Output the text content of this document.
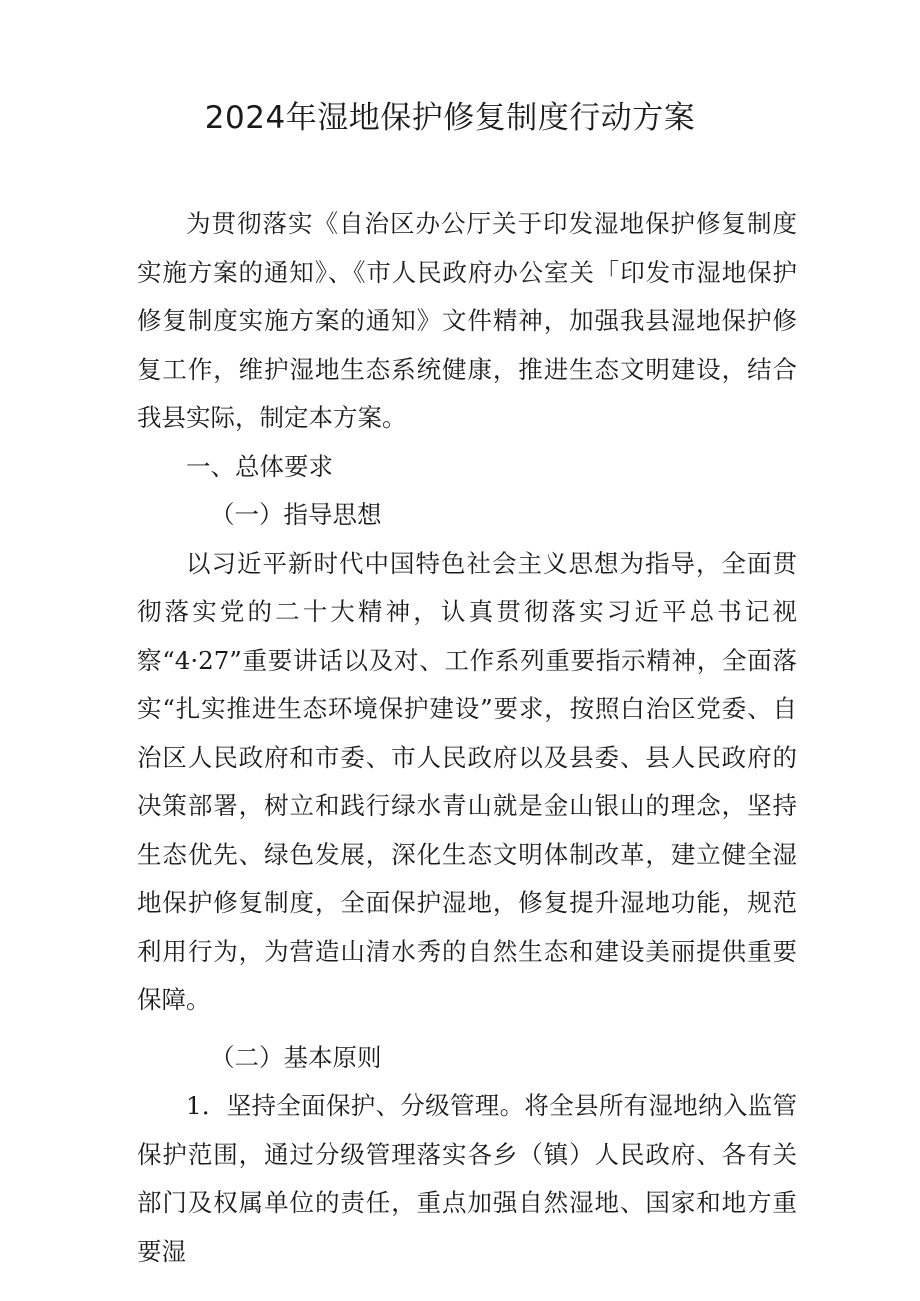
2024年湿地保护修复制度行动方案

为贯彻落实《自治区办公厅关于印发湿地保护修复制度实施方案的通知》、《市人民政府办公室关「印发市湿地保护修复制度实施方案的通知》文件精神，加强我县湿地保护修复工作，维护湿地生态系统健康，推进生态文明建设，结合我县实际，制定本方案。

一、总体要求

（一）指导思想

以习近平新时代中国特色社会主义思想为指导，全面贯彻落实党的二十大精神，认真贯彻落实习近平总书记视察“4·27”重要讲话以及对、工作系列重要指示精神，全面落实“扎实推进生态环境保护建设”要求，按照白治区党委、自治区人民政府和市委、市人民政府以及县委、县人民政府的决策部署，树立和践行绿水青山就是金山银山的理念，坚持生态优先、绿色发展，深化生态文明体制改革，建立健全湿地保护修复制度，全面保护湿地，修复提升湿地功能，规范利用行为，为营造山清水秀的自然生态和建设美丽提供重要保障。

（二）基本原则

1．坚持全面保护、分级管理。将全县所有湿地纳入监管保护范围，通过分级管理落实各乡（镇）人民政府、各有关部门及权属单位的责任，重点加强自然湿地、国家和地方重要湿
